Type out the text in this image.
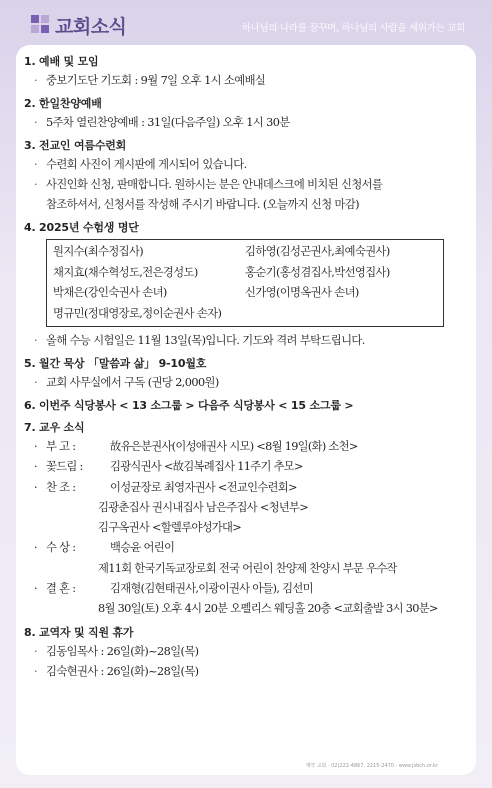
교회소식	하나님의 나라를 꿈꾸며, 하나님의 사람을 세워가는 교회
1. 예배 및 모임
· 중보기도단 기도회 : 9월 7일 오후 1시 소예배실
2. 한일찬양예배
· 5주차 열린찬양예배 : 31일(다음주일) 오후 1시 30분
3. 전교인 여름수련회
· 수련회 사진이 게시판에 게시되어 있습니다.
· 사진인화 신청, 판매합니다. 원하시는 분은 안내데스크에 비치된 신청서를
참조하셔서, 신청서를 작성해 주시기 바랍니다. (오늘까지 신청 마감)
4. 2025년 수험생 명단
원지수(최수정집사)	김하영(김성곤권사,최예숙권사)
채지효(채수혁성도,전은경성도)	홍순기(홍성겸집사,박선영집사)
박채은(강인숙권사 손녀)	신가영(이명옥권사 손녀)
명규민(정대영장로,정이순권사 손자)
· 올해 수능 시험일은 11월 13일(목)입니다. 기도와 격려 부탁드립니다.
5. 월간 묵상 「말씀과 삶」 9-10월호
· 교회 사무실에서 구독 (권당 2,000원)
6. 이번주 식당봉사 < 13 소그룹 > 다음주 식당봉사 < 15 소그룹 >
7. 교우 소식
· 부 고 :	故유은분권사(이성애권사 시모) <8월 19일(화) 소천>
· 꽃드림 :	김광식권사 <故김복례집사 11주기 추모>
· 찬 조 :	이성균장로 최영자권사 <전교인수련회>
김광춘집사 권시내집사 남은주집사 <청년부>
김구옥권사 <할렐루야성가대>
· 수 상 :	백승윤 어린이
제11회 한국기독교장로회 전국 어린이 찬양제 찬양시 부문 우수작
· 결 혼 :	김재형(김현태권사,이광이권사 아들), 김선미
8월 30일(토) 오후 4시 20분 오펠리스 웨딩홀 20층 <교회출발 3시 30분>
8. 교역자 및 직원 휴가
· 김동임목사 : 26일(화)~28일(목)
· 김숙현권사 : 26일(화)~28일(목)
계약 교회 · 02)222-4867, 2215-2470 · www.jsbch.or.kr
